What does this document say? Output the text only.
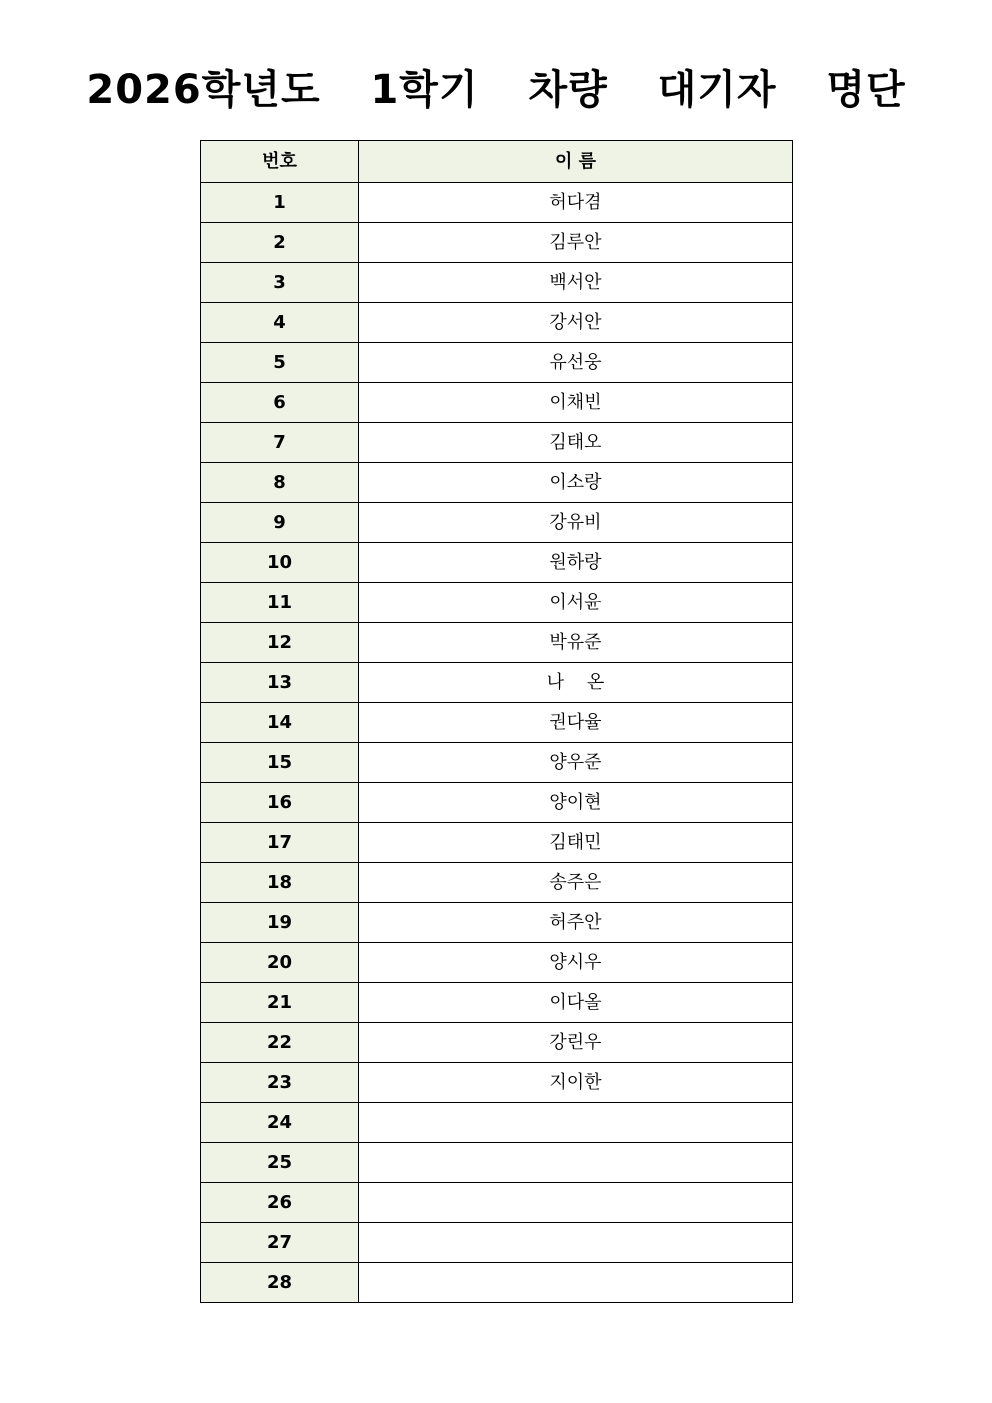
2026학년도  1학기  차량  대기자  명단
번호	이 름
1	허다겸
2	김루안
3	백서안
4	강서안
5	유선웅
6	이채빈
7	김태오
8	이소랑
9	강유비
10	원하랑
11	이서윤
12	박유준
13	나    온
14	권다율
15	양우준
16	양이현
17	김태민
18	송주은
19	허주안
20	양시우
21	이다올
22	강린우
23	지이한
24	
25	
26	
27	
28	
